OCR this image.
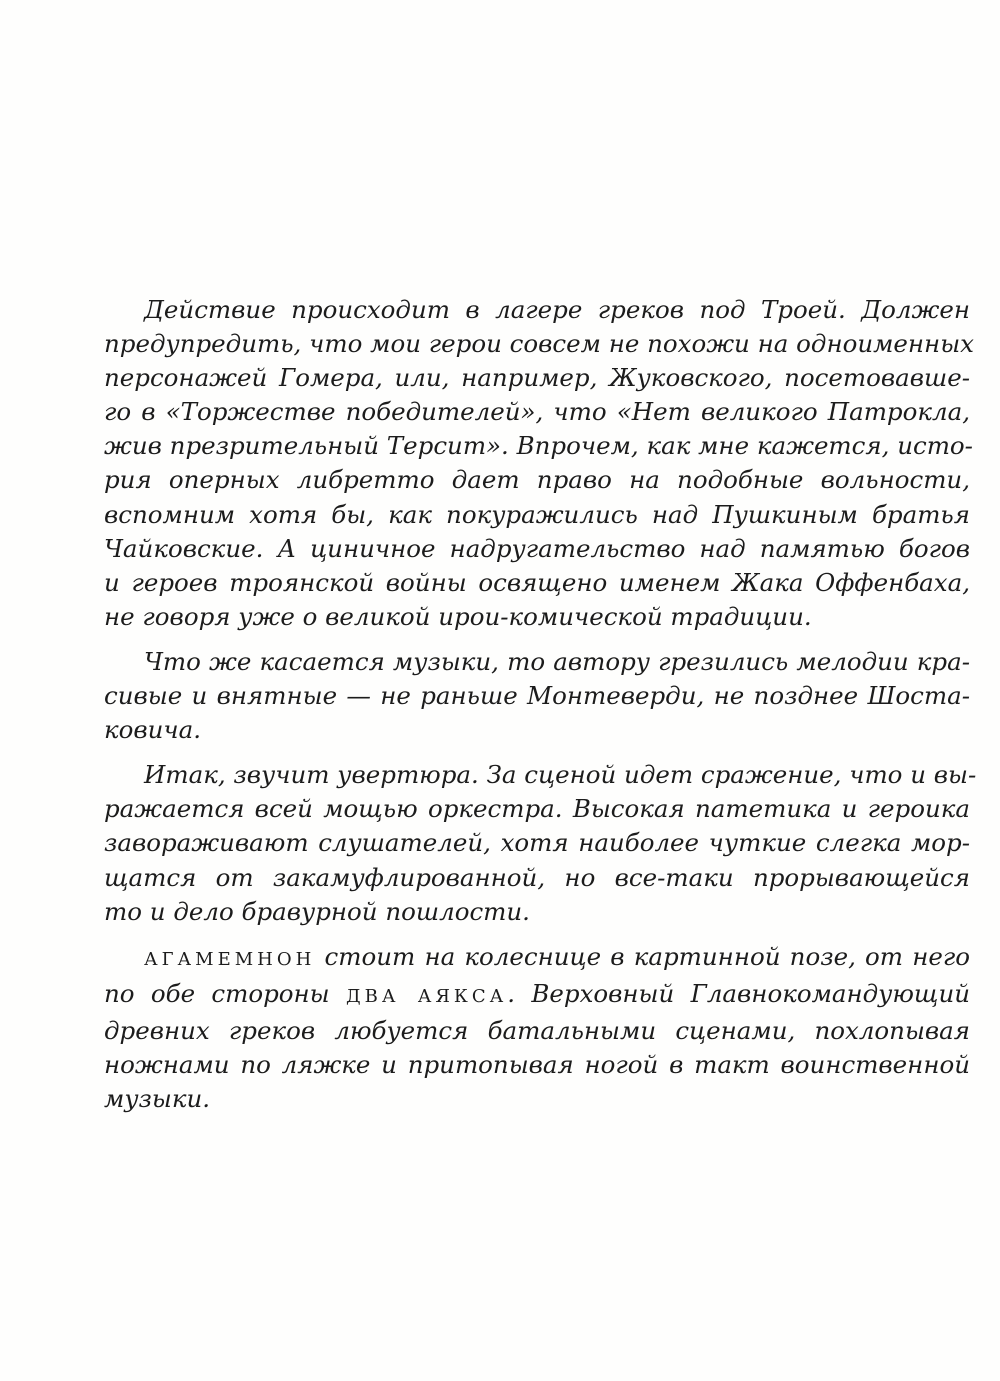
Действие происходит в лагере греков под Троей. Должен
предупредить, что мои герои совсем не похожи на одноименных
персонажей Гомера, или, например, Жуковского, посетовавше-
го в «Торжестве победителей», что «Нет великого Патрокла,
жив презрительный Терсит». Впрочем, как мне кажется, исто-
рия оперных либретто дает право на подобные вольности,
вспомним хотя бы, как покуражились над Пушкиным братья
Чайковские. А циничное надругательство над памятью богов
и героев троянской войны освящено именем Жака Оффенбаха,
не говоря уже о великой ирои-комической традиции.

Что же касается музыки, то автору грезились мелодии кра-
сивые и внятные — не раньше Монтеверди, не позднее Шоста-
ковича.

Итак, звучит увертюра. За сценой идет сражение, что и вы-
ражается всей мощью оркестра. Высокая патетика и героика
завораживают слушателей, хотя наиболее чуткие слегка мор-
щатся от закамуфлированной, но все-таки прорывающейся
то и дело бравурной пошлости.

АГАМЕМНОН стоит на колеснице в картинной позе, от него
по обе стороны ДВА АЯКСА. Верховный Главнокомандующий
древних греков любуется батальными сценами, похлопывая
ножнами по ляжке и притопывая ногой в такт воинственной
музыки.
